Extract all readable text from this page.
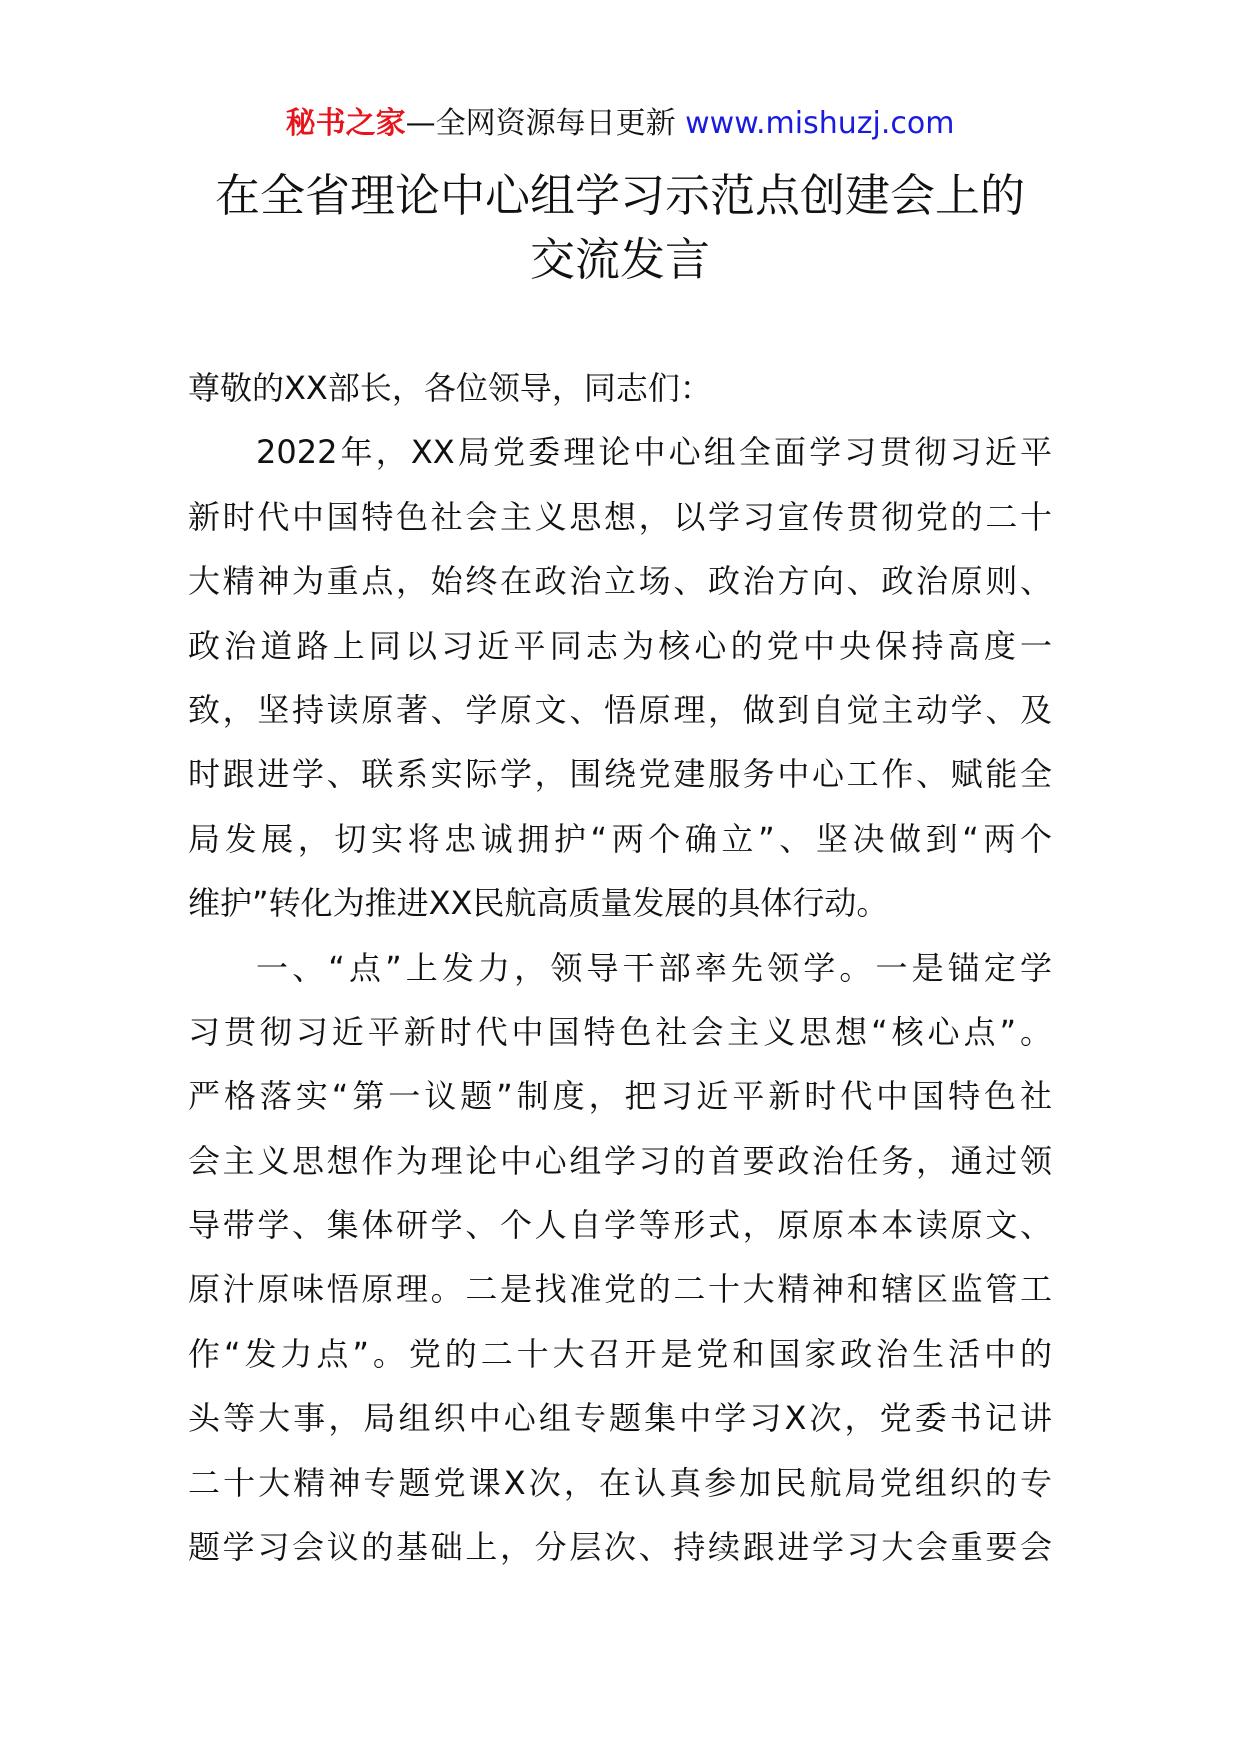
秘书之家—全网资源每日更新 www.mishuzj.com
在全省理论中心组学习示范点创建会上的
交流发言
尊敬的XX部长，各位领导，同志们：
2022年，XX局党委理论中心组全面学习贯彻习近平
新时代中国特色社会主义思想，以学习宣传贯彻党的二十
大精神为重点，始终在政治立场、政治方向、政治原则、
政治道路上同以习近平同志为核心的党中央保持高度一
致，坚持读原著、学原文、悟原理，做到自觉主动学、及
时跟进学、联系实际学，围绕党建服务中心工作、赋能全
局发展，切实将忠诚拥护“两个确立”、坚决做到“两个
维护”转化为推进XX民航高质量发展的具体行动。
一、“点”上发力，领导干部率先领学。一是锚定学
习贯彻习近平新时代中国特色社会主义思想“核心点”。
严格落实“第一议题”制度，把习近平新时代中国特色社
会主义思想作为理论中心组学习的首要政治任务，通过领
导带学、集体研学、个人自学等形式，原原本本读原文、
原汁原味悟原理。二是找准党的二十大精神和辖区监管工
作“发力点”。党的二十大召开是党和国家政治生活中的
头等大事，局组织中心组专题集中学习X次，党委书记讲
二十大精神专题党课X次，在认真参加民航局党组织的专
题学习会议的基础上，分层次、持续跟进学习大会重要会
